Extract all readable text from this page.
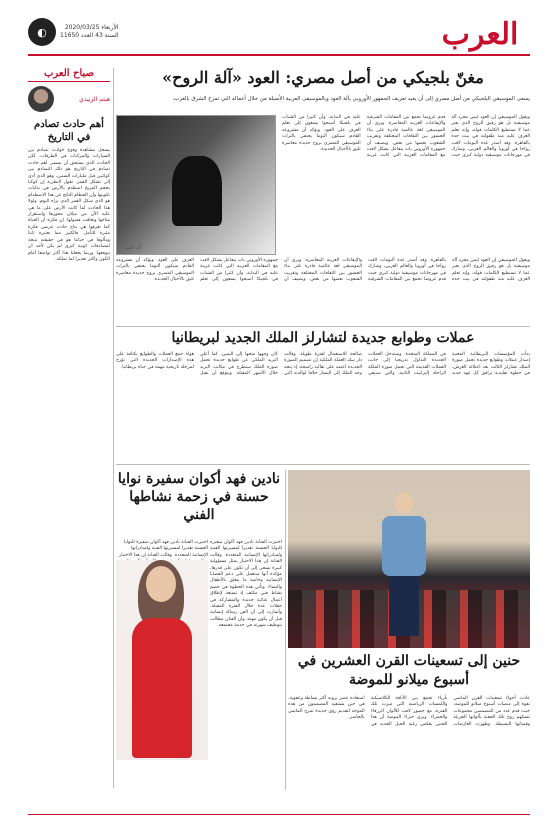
العرب
◐	الأربعاء 2020/03/25
السنة 43 العدد 11650
صباح العرب
هيثم الزبيدي
أهم حادث تصادم في التاريخ
يسجل مشاهدة وقوع حوادث تصادم بين السيارات والمركبات في الطرقات. لكن الحادث الذي يستحق أن يسمى أهم حادث تصادم في التاريخ هو ذلك التصادم بين كوكبين قبل مليارات السنين، وهو الذي أدى إلى تشكل القمر. تقول النظرية إن كوكبا بحجم المريخ اصطدم بالأرض في بدايات تكوينها وأن الحطام الناتج عن هذا الاصطدام هو الذي شكل القمر الذي نراه اليوم. ولولا هذا الحادث لما كانت الأرض على ما هي عليه الآن من ميلان محورها واستقرار مناخها وتعاقب فصولها. إن فكرة أن الحياة كما نعرفها هي نتاج حادث عرضي فكرة مثيرة للتأمل. فالكثير مما نعتبره ثابتا ومألوفا في حياتنا هو في حقيقته نتيجة لمصادفات كونية كبرى لم يكن لأحد أن يتوقعها. وربما يجعلنا هذا أكثر تواضعا أمام الكون وأكثر تقديرا لما نملكه.
مغنّ بلجيكي من أصل مصري: العود «آلة الروح»
يسعى الموسيقي البلجيكي من أصل مصري إلى أن يعيد تعريف الجمهور الأوروبي بآلة العود وبالموسيقى العربية الأصيلة من خلال أعماله التي تمزج الشرق بالغرب.
آلة العود
ويقول الموسيقي إن العود ليس مجرد آلة موسيقية بل هو رفيق الروح الذي يعبر عما لا تستطيع الكلمات قوله، وإنه تعلم العزف عليه منذ طفولته في بيت جده بالقاهرة. وقد أصدر عدة ألبومات لاقت رواجا في أوروبا والعالم العربي، وشارك في مهرجانات موسيقية دولية كبرى حيث قدم عروضا تجمع بين المقامات الشرقية والإيقاعات الغربية المعاصرة. ويرى أن الموسيقى لغة عالمية قادرة على بناء الجسور بين الثقافات المختلفة وتقريب الشعوب بعضها من بعض. ويضيف أن جمهوره الأوروبي بات يتفاعل بشكل لافت مع المقامات العربية التي كانت غريبة عليه في البداية، وأن كثيرا من الشباب في بلجيكا أصبحوا يسعون إلى تعلم العزف على العود. ويؤكد أن مشروعه القادم سيكون ألبوما يحتفي بالتراث الموسيقي المصري بروح جديدة معاصرة تليق بالأجيال الجديدة.
ويقول الموسيقي إن العود ليس مجرد آلة موسيقية بل هو رفيق الروح الذي يعبر عما لا تستطيع الكلمات قوله، وإنه تعلم العزف عليه منذ طفولته في بيت جده بالقاهرة. وقد أصدر عدة ألبومات لاقت رواجا في أوروبا والعالم العربي، وشارك في مهرجانات موسيقية دولية كبرى حيث قدم عروضا تجمع بين المقامات الشرقية والإيقاعات الغربية المعاصرة. ويرى أن الموسيقى لغة عالمية قادرة على بناء الجسور بين الثقافات المختلفة وتقريب الشعوب بعضها من بعض. ويضيف أن جمهوره الأوروبي بات يتفاعل بشكل لافت مع المقامات العربية التي كانت غريبة عليه في البداية، وأن كثيرا من الشباب في بلجيكا أصبحوا يسعون إلى تعلم العزف على العود. ويؤكد أن مشروعه القادم سيكون ألبوما يحتفي بالتراث الموسيقي المصري بروح جديدة معاصرة تليق بالأجيال الجديدة.
عملات وطوابع جديدة لتشارلز الملك الجديد لبريطانيا
بدأت المؤسسات البريطانية المعنية إصدار عملات وطوابع جديدة تحمل صورة الملك تشارلز الثالث بعد اعتلائه العرش، في خطوة تقليدية ترافق كل عهد جديد في المملكة المتحدة. وستدخل العملات الجديدة التداول تدريجيا إلى جانب العملات القديمة التي تحمل صورة الملكة الراحلة إليزابيث الثانية، والتي ستبقى صالحة للاستعمال لفترة طويلة. وقالت دار سك العملة الملكية إن تصميم الصورة الجديدة اعتمد على تقاليد راسخة، إذ يتجه وجه الملك إلى اليسار خلافا لوالدته التي كان وجهها متجها إلى اليمين. كما أعلن البريد الملكي عن طوابع جديدة تحمل صورة الملك ستطرح في مكاتب البريد خلال الأشهر المقبلة. ويتوقع أن يقبل هواة جمع العملات والطوابع بكثافة على هذه الإصدارات الجديدة التي تؤرخ لمرحلة تاريخية مهمة في حياة بريطانيا.
حنين إلى تسعينات القرن العشرين في أسبوع ميلانو للموضة
عادت أجواء تسعينات القرن الماضي بقوة إلى منصات أسبوع ميلانو للموضة، حيث قدم عدد من المصممين مجموعات تستلهم روح تلك الحقبة بألوانها الجريئة وقصاتها البسيطة. وظهرت العارضات بأزياء تجمع بين الأناقة الكلاسيكية واللمسات الرياضية التي ميزت تلك الفترة، مع حضور لافت للألوان الزرقاء والحمراء. ويرى خبراء الموضة أن هذا الحنين يعكس رغبة الجيل الجديد في استعادة عصر يرونه أكثر بساطة وعفوية، في حين يستفيد المصممون من هذه الموجة لتقديم رؤى جديدة تمزج الماضي بالحاضر.
نادين فهد أكوان سفيرة نوايا حسنة في زحمة نشاطها الفني
اختيرت الفنانة نادين فهد أكوان سفيرة للنوايا الحسنة تقديرا لمسيرتها الفنية ولمبادراتها الإنسانية المتعددة. وقالت الفنانة إن هذا الاختيار
اختيرت الفنانة نادين فهد أكوان سفيرة للنوايا الحسنة تقديرا لمسيرتها الفنية ولمبادراتها الإنسانية المتعددة. وقالت الفنانة إن هذا الاختيار يمثل مسؤولية كبيرة تسعى إلى أن تكون على قدرها، مؤكدة أنها ستعمل على دعم القضايا الإنسانية وخاصة ما يتعلق بالأطفال والنساء. وتأتي هذه الخطوة في خضم نشاط فني مكثف إذ تستعد لإطلاق أعمال غنائية جديدة والمشاركة في حفلات عدة خلال الفترة المقبلة. وأشارت إلى أن الفن رسالة إنسانية قبل أن يكون مهنة، وأن الفنان مطالب بتوظيف شهرته في خدمة مجتمعه.
